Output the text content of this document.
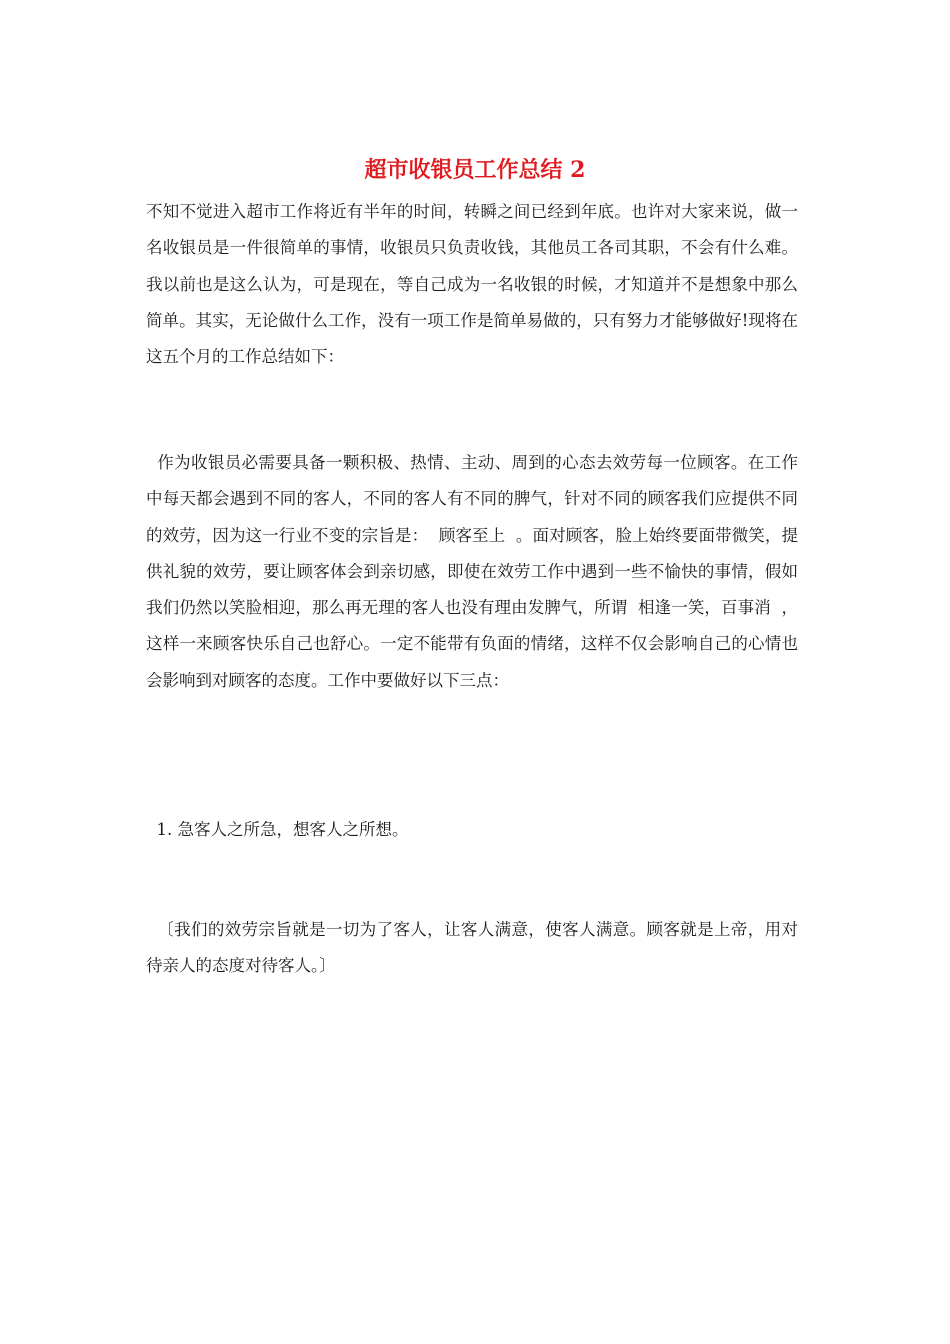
超市收银员工作总结 2

不知不觉进入超市工作将近有半年的时间，转瞬之间已经到年底。也许对大家来说，做一名收银员是一件很简单的事情，收银员只负责收钱，其他员工各司其职，不会有什么难。我以前也是这么认为，可是现在，等自己成为一名收银的时候，才知道并不是想象中那么简单。其实，无论做什么工作，没有一项工作是简单易做的，只有努力才能够做好!现将在这五个月的工作总结如下：

作为收银员必需要具备一颗积极、热情、主动、周到的心态去效劳每一位顾客。在工作中每天都会遇到不同的客人，不同的客人有不同的脾气，针对不同的顾客我们应提供不同的效劳，因为这一行业不变的宗旨是：  顾客至上  。面对顾客，脸上始终要面带微笑，提供礼貌的效劳，要让顾客体会到亲切感，即使在效劳工作中遇到一些不愉快的事情，假如我们仍然以笑脸相迎，那么再无理的客人也没有理由发脾气，所谓  相逢一笑，百事消  ，这样一来顾客快乐自己也舒心。一定不能带有负面的情绪，这样不仅会影响自己的心情也会影响到对顾客的态度。工作中要做好以下三点：

1. 急客人之所急，想客人之所想。

〔我们的效劳宗旨就是一切为了客人，让客人满意，使客人满意。顾客就是上帝，用对待亲人的态度对待客人。〕
